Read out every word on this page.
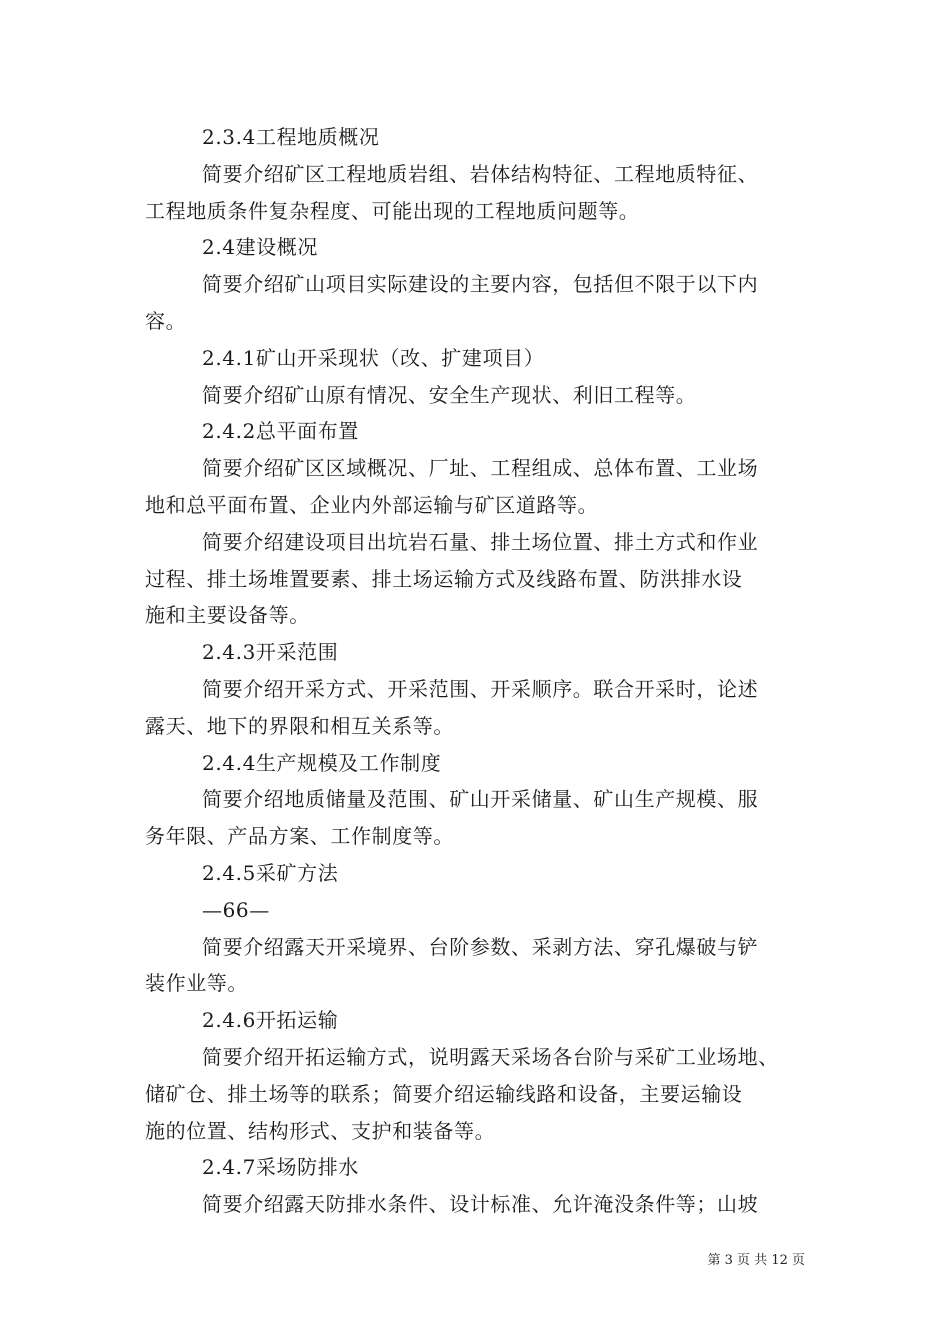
2.3.4工程地质概况

简要介绍矿区工程地质岩组、岩体结构特征、工程地质特征、

工程地质条件复杂程度、可能出现的工程地质问题等。

2.4建设概况

简要介绍矿山项目实际建设的主要内容，包括但不限于以下内

容。

2.4.1矿山开采现状（改、扩建项目）

简要介绍矿山原有情况、安全生产现状、利旧工程等。

2.4.2总平面布置

简要介绍矿区区域概况、厂址、工程组成、总体布置、工业场

地和总平面布置、企业内外部运输与矿区道路等。

简要介绍建设项目出坑岩石量、排土场位置、排土方式和作业

过程、排土场堆置要素、排土场运输方式及线路布置、防洪排水设

施和主要设备等。

2.4.3开采范围

简要介绍开采方式、开采范围、开采顺序。联合开采时，论述

露天、地下的界限和相互关系等。

2.4.4生产规模及工作制度

简要介绍地质储量及范围、矿山开采储量、矿山生产规模、服

务年限、产品方案、工作制度等。

2.4.5采矿方法

—66—

简要介绍露天开采境界、台阶参数、采剥方法、穿孔爆破与铲

装作业等。

2.4.6开拓运输

简要介绍开拓运输方式，说明露天采场各台阶与采矿工业场地、

储矿仓、排土场等的联系；简要介绍运输线路和设备，主要运输设

施的位置、结构形式、支护和装备等。

2.4.7采场防排水

简要介绍露天防排水条件、设计标准、允许淹没条件等；山坡

第 3 页 共 12 页
